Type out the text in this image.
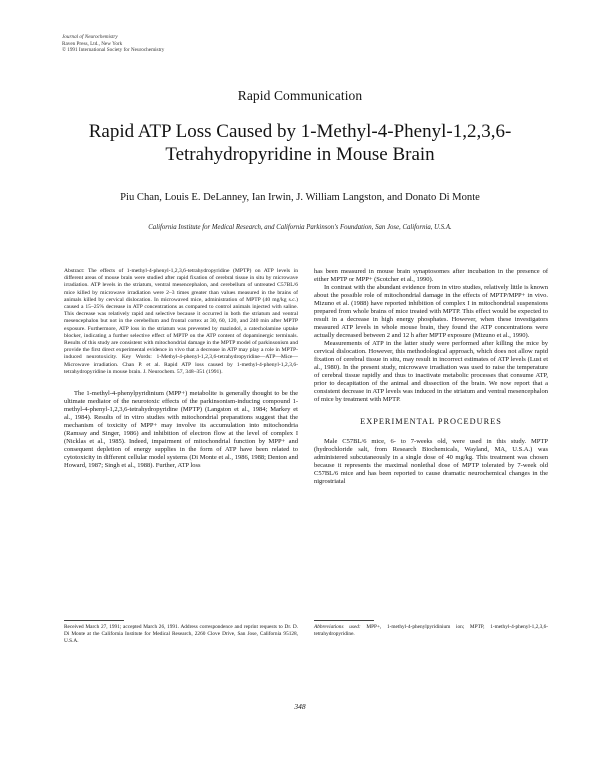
Journal of Neurochemistry
Raven Press, Ltd., New York
© 1991 International Society for Neurochemistry
Rapid Communication
Rapid ATP Loss Caused by 1-Methyl-4-Phenyl-1,2,3,6-Tetrahydropyridine in Mouse Brain
Piu Chan, Louis E. DeLanney, Ian Irwin, J. William Langston, and Donato Di Monte
California Institute for Medical Research, and California Parkinson's Foundation, San Jose, California, U.S.A.

Abstract: The effects of 1-methyl-4-phenyl-1,2,3,6-tetrahydropyridine (MPTP) on ATP levels in different areas of mouse brain were studied after rapid fixation of cerebral tissue in situ by microwave irradiation. ATP levels in the striatum, ventral mesencephalon, and cerebellum of untreated C57BL/6 mice killed by microwave irradiation were 2–3 times greater than values measured in the brains of animals killed by cervical dislocation. In microwaved mice, administration of MPTP (40 mg/kg s.c.) caused a 15–25% decrease in ATP concentrations as compared to control animals injected with saline. This decrease was relatively rapid and selective because it occurred in both the striatum and ventral mesencephalon but not in the cerebellum and frontal cortex at 30, 60, 120, and 240 min after MPTP exposure. Furthermore, ATP loss in the striatum was prevented by mazindol, a catecholamine uptake blocker, indicating a further selective effect of MPTP on the ATP content of dopaminergic terminals. Results of this study are consistent with mitochondrial damage in the MPTP model of parkinsonism and provide the first direct experimental evidence in vivo that a decrease in ATP may play a role in MPTP-induced neurotoxicity. Key Words: 1-Methyl-4-phenyl-1,2,3,6-tetrahydropyridine—ATP—Mice—Microwave irradiation. Chan P. et al. Rapid ATP loss caused by 1-methyl-4-phenyl-1,2,3,6-tetrahydropyridine in mouse brain. J. Neurochem. 57, 348–351 (1991).

The 1-methyl-4-phenylpyridinium (MPP+) metabolite is generally thought to be the ultimate mediator of the neurotoxic effects of the parkinsonism-inducing compound 1-methyl-4-phenyl-1,2,3,6-tetrahydropyridine (MPTP) (Langston et al., 1984; Markey et al., 1984). Results of in vitro studies with mitochondrial preparations suggest that the mechanism of toxicity of MPP+ may involve its accumulation into mitochondria (Ramsay and Singer, 1986) and inhibition of electron flow at the level of complex I (Nicklas et al., 1985). Indeed, impairment of mitochondrial function by MPP+ and consequent depletion of energy supplies in the form of ATP have been related to cytotoxicity in different cellular model systems (Di Monte et al., 1986, 1988; Denton and Howard, 1987; Singh et al., 1988). Further, ATP loss

has been measured in mouse brain synaptosomes after incubation in the presence of either MPTP or MPP+ (Scotcher et al., 1990).

In contrast with the abundant evidence from in vitro studies, relatively little is known about the possible role of mitochondrial damage in the effects of MPTP/MPP+ in vivo. Mizuno et al. (1988) have reported inhibition of complex I in mitochondrial suspensions prepared from whole brains of mice treated with MPTP. This effect would be expected to result in a decrease in high energy phosphates. However, when these investigators measured ATP levels in whole mouse brain, they found the ATP concentrations were actually decreased between 2 and 12 h after MPTP exposure (Mizuno et al., 1990).

Measurements of ATP in the latter study were performed after killing the mice by cervical dislocation. However, this methodological approach, which does not allow rapid fixation of cerebral tissue in situ, may result in incorrect estimates of ATP levels (Lust et al., 1980). In the present study, microwave irradiation was used to raise the temperature of cerebral tissue rapidly and thus to inactivate metabolic processes that consume ATP, prior to decapitation of the animal and dissection of the brain. We now report that a consistent decrease in ATP levels was induced in the striatum and ventral mesencephalon of mice by treatment with MPTP.

EXPERIMENTAL PROCEDURES

Male C57BL/6 mice, 6- to 7-weeks old, were used in this study. MPTP (hydrochloride salt, from Research Biochemicals, Wayland, MA, U.S.A.) was administered subcutaneously in a single dose of 40 mg/kg. This treatment was chosen because it represents the maximal nonlethal dose of MPTP tolerated by 7-week old C57BL/6 mice and has been reported to cause dramatic neurochemical changes in the nigrostriatal

Received March 27, 1991; accepted March 26, 1991. Address correspondence and reprint requests to Dr. D. Di Monte at the California Institute for Medical Research, 2260 Clove Drive, San Jose, California 95128, U.S.A.
Abbreviations used: MPP+, 1-methyl-4-phenylpyridinium ion; MPTP, 1-methyl-4-phenyl-1,2,3,6-tetrahydropyridine.
348
